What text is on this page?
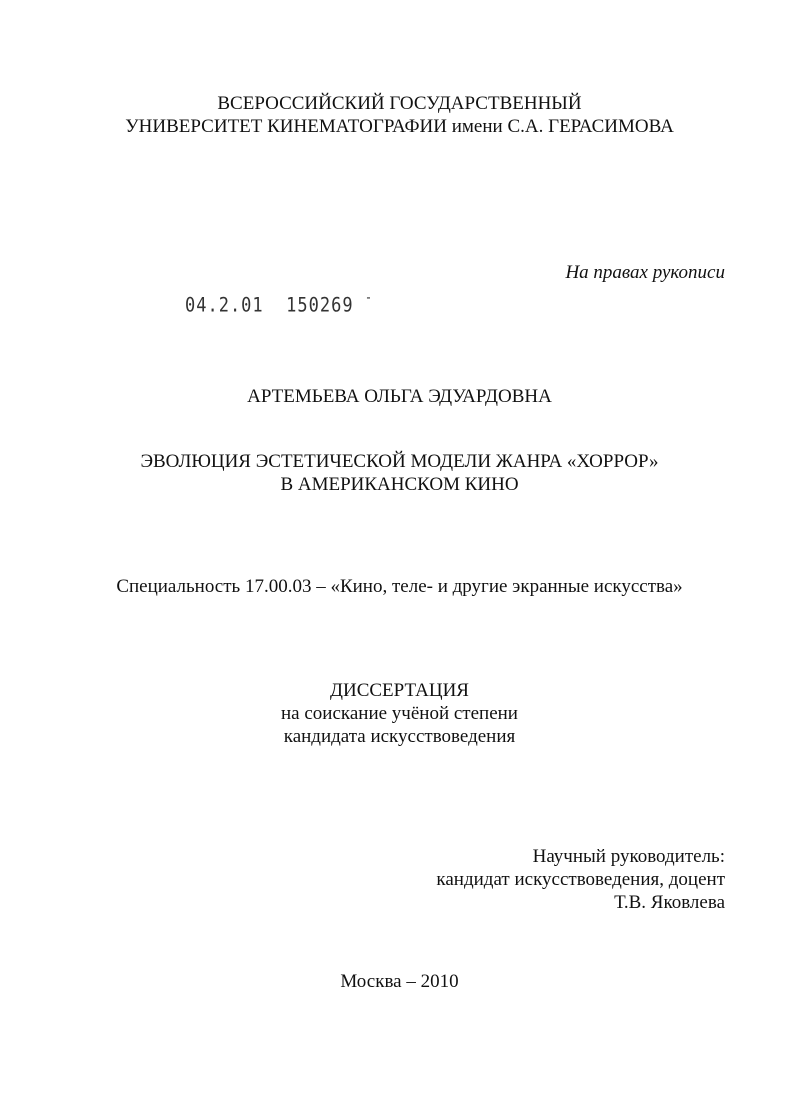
ВСЕРОССИЙСКИЙ ГОСУДАРСТВЕННЫЙ
УНИВЕРСИТЕТ КИНЕМАТОГРАФИИ имени С.А. ГЕРАСИМОВА
На правах рукописи
04.2.01 150269 -
АРТЕМЬЕВА ОЛЬГА ЭДУАРДОВНА
ЭВОЛЮЦИЯ ЭСТЕТИЧЕСКОЙ МОДЕЛИ ЖАНРА «ХОРРОР»
В АМЕРИКАНСКОМ КИНО
Специальность 17.00.03 – «Кино, теле- и другие экранные искусства»
ДИССЕРТАЦИЯ
на соискание учёной степени
кандидата искусствоведения
Научный руководитель:
кандидат искусствоведения, доцент
Т.В. Яковлева
Москва – 2010
